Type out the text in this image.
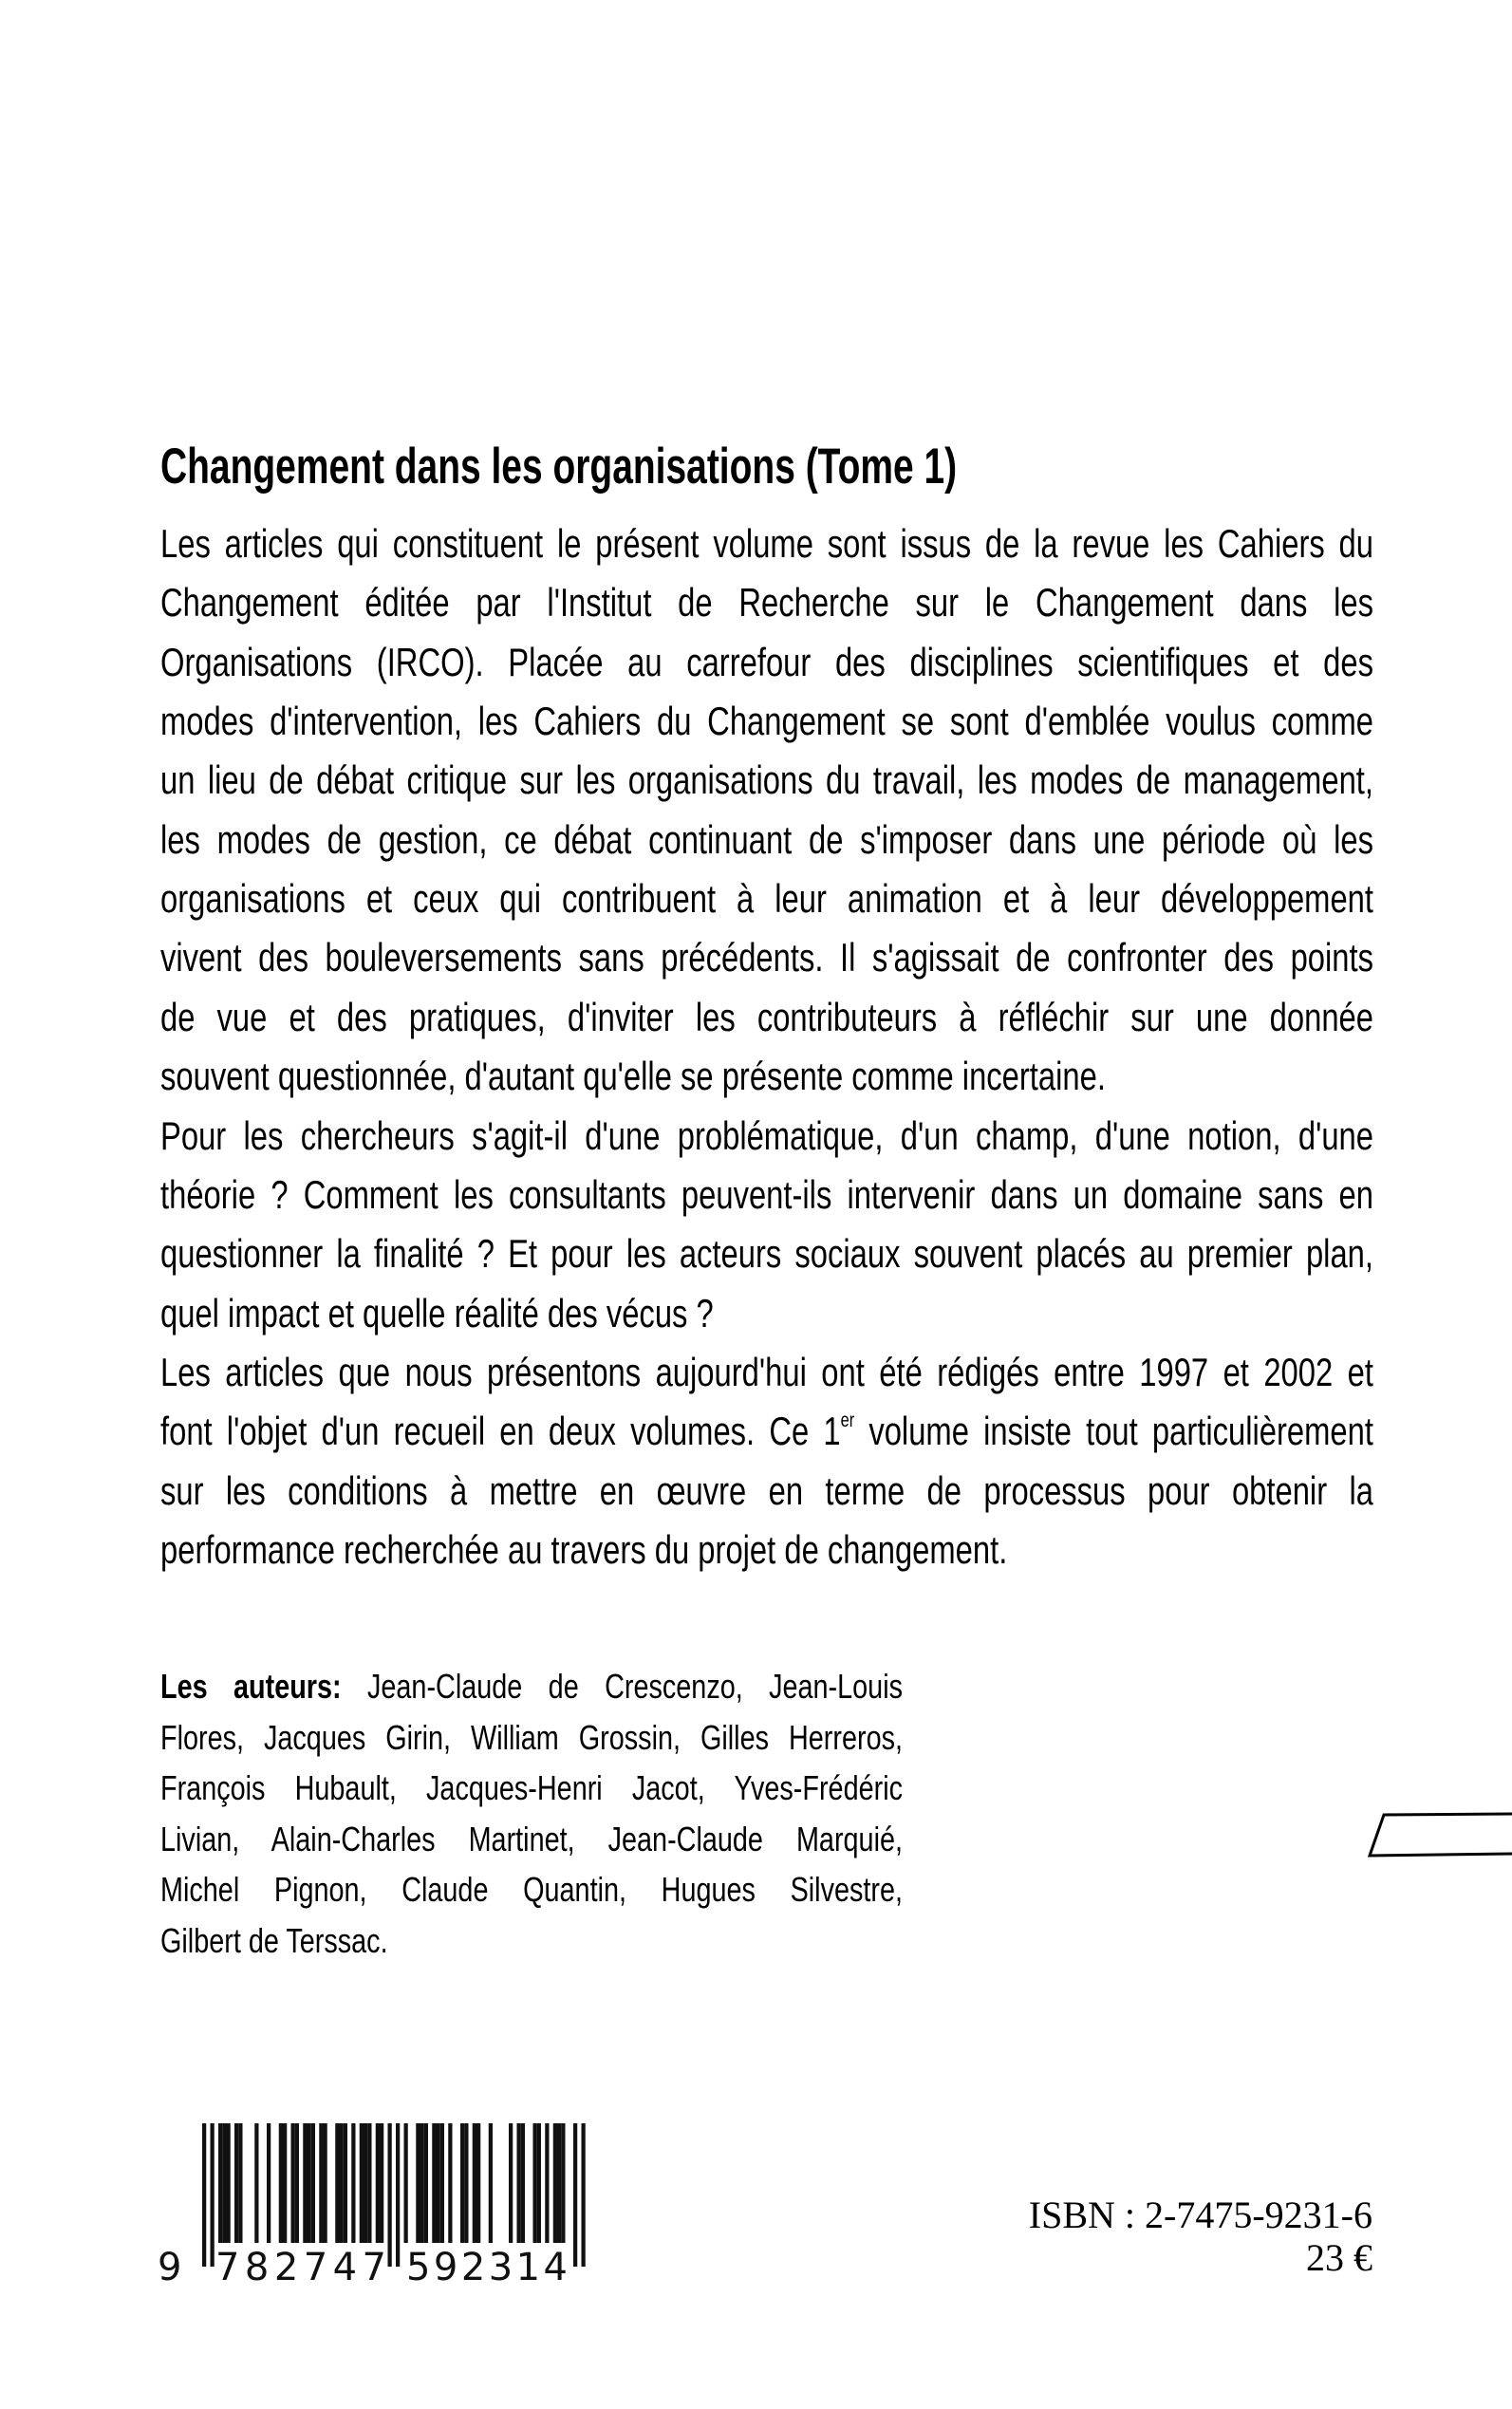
Changement dans les organisations (Tome 1)
Les articles qui constituent le présent volume sont issus de la revue les Cahiers du
Changement éditée par l'Institut de Recherche sur le Changement dans les
Organisations (IRCO). Placée au carrefour des disciplines scientifiques et des
modes d'intervention, les Cahiers du Changement se sont d'emblée voulus comme
un lieu de débat critique sur les organisations du travail, les modes de management,
les modes de gestion, ce débat continuant de s'imposer dans une période où les
organisations et ceux qui contribuent à leur animation et à leur développement
vivent des bouleversements sans précédents. Il s'agissait de confronter des points
de vue et des pratiques, d'inviter les contributeurs à réfléchir sur une donnée
souvent questionnée, d'autant qu'elle se présente comme incertaine.
Pour les chercheurs s'agit-il d'une problématique, d'un champ, d'une notion, d'une
théorie ? Comment les consultants peuvent-ils intervenir dans un domaine sans en
questionner la finalité ? Et pour les acteurs sociaux souvent placés au premier plan,
quel impact et quelle réalité des vécus ?
Les articles que nous présentons aujourd'hui ont été rédigés entre 1997 et 2002 et
font l'objet d'un recueil en deux volumes. Ce 1er volume insiste tout particulièrement
sur les conditions à mettre en œuvre en terme de processus pour obtenir la
performance recherchée au travers du projet de changement.
Les auteurs: Jean-Claude de Crescenzo, Jean-Louis
Flores, Jacques Girin, William Grossin, Gilles Herreros,
François Hubault, Jacques-Henri Jacot, Yves-Frédéric
Livian, Alain-Charles Martinet, Jean-Claude Marquié,
Michel Pignon, Claude Quantin, Hugues Silvestre,
Gilbert de Terssac.
9 782747 592314
ISBN : 2-7475-9231-6
23 €
